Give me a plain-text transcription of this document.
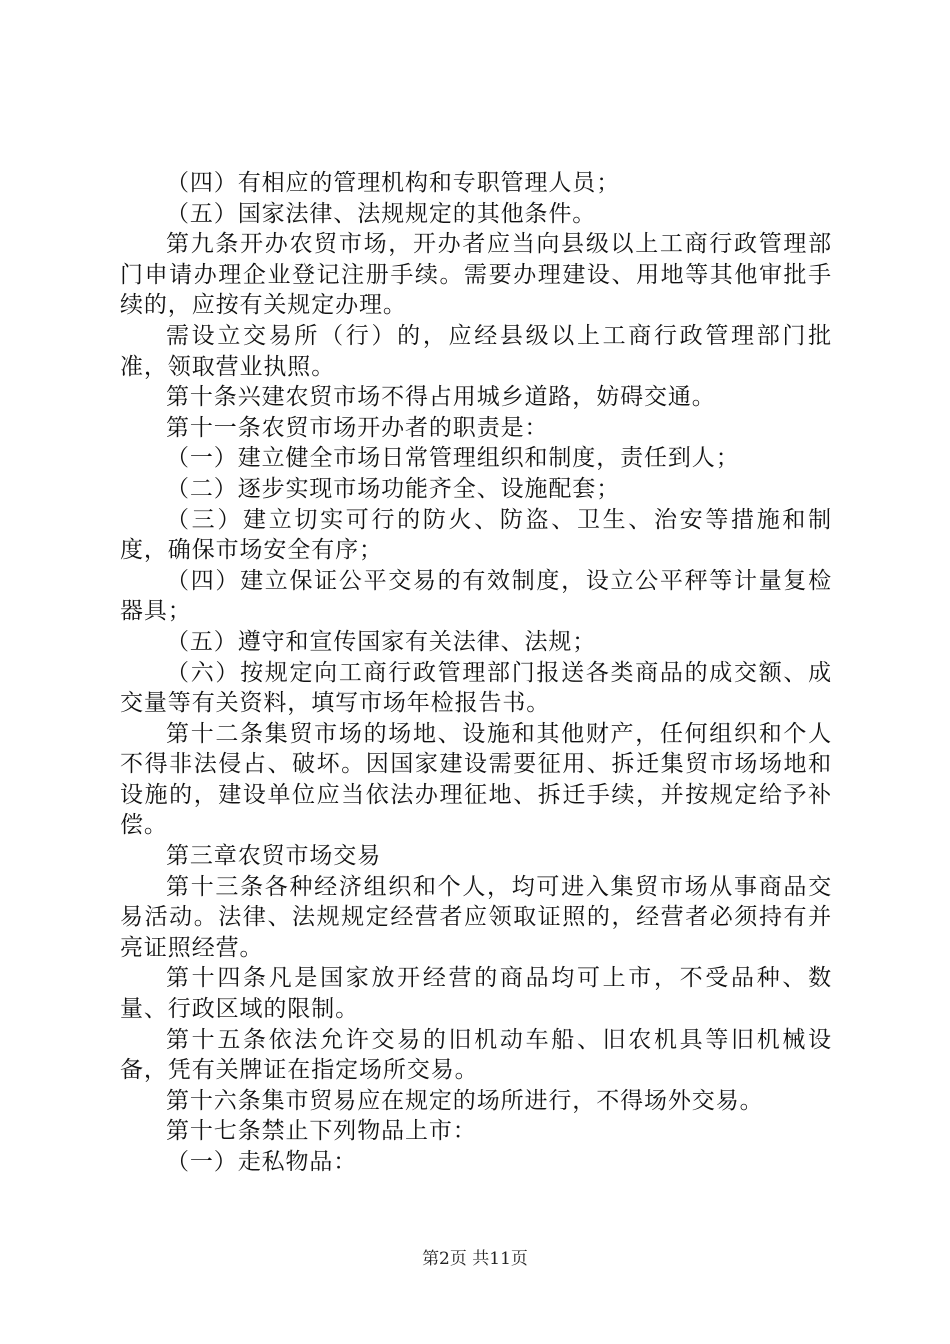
（四）有相应的管理机构和专职管理人员；

（五）国家法律、法规规定的其他条件。

第九条开办农贸市场，开办者应当向县级以上工商行政管理部门申请办理企业登记注册手续。需要办理建设、用地等其他审批手续的，应按有关规定办理。

需设立交易所（行）的，应经县级以上工商行政管理部门批准，领取营业执照。

第十条兴建农贸市场不得占用城乡道路，妨碍交通。

第十一条农贸市场开办者的职责是：

（一）建立健全市场日常管理组织和制度，责任到人；

（二）逐步实现市场功能齐全、设施配套；

（三）建立切实可行的防火、防盗、卫生、治安等措施和制度，确保市场安全有序；

（四）建立保证公平交易的有效制度，设立公平秤等计量复检器具；

（五）遵守和宣传国家有关法律、法规；

（六）按规定向工商行政管理部门报送各类商品的成交额、成交量等有关资料，填写市场年检报告书。

第十二条集贸市场的场地、设施和其他财产，任何组织和个人不得非法侵占、破坏。因国家建设需要征用、拆迁集贸市场场地和设施的，建设单位应当依法办理征地、拆迁手续，并按规定给予补偿。

第三章农贸市场交易

第十三条各种经济组织和个人，均可进入集贸市场从事商品交易活动。法律、法规规定经营者应领取证照的，经营者必须持有并亮证照经营。

第十四条凡是国家放开经营的商品均可上市，不受品种、数量、行政区域的限制。

第十五条依法允许交易的旧机动车船、旧农机具等旧机械设备，凭有关牌证在指定场所交易。

第十六条集市贸易应在规定的场所进行，不得场外交易。

第十七条禁止下列物品上市：

（一）走私物品：

第2页 共11页
